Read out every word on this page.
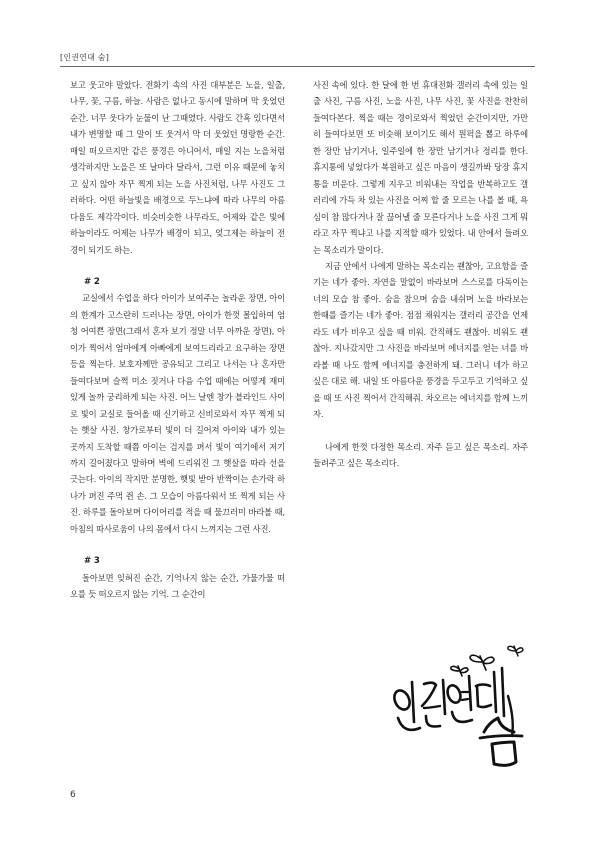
[인권연대 숨]

보고 웃고야 말았다. 전화기 속의 사진 대부분은 노을, 일출, 나무, 꽃, 구름, 하늘. 사람은 없나고 동시에 말하며 막 웃었던 순간. 너무 웃다가 눈물이 난 그때였다. 사람도 간혹 있다면서 내가 변명할 때 그 말이 또 웃겨서 막 더 웃었던 명랑한 순간. 매일 떠오르지만 같은 풍경은 아니어서, 매일 지는 노을처럼 생각하지만 노을은 또 날마다 달라서, 그런 이유 때문에 놓치고 싶지 않아 자꾸 찍게 되는 노을 사진처럼, 나무 사진도 그러하다. 어떤 하늘빛을 배경으로 두느냐에 따라 나무의 아름다움도 제각각이다. 비슷비슷한 나무라도, 어제와 같은 빛에 하늘이라도 어제는 나무가 배경이 되고, 엊그제는 하늘이 전경이 되기도 하는.

# 2

교실에서 수업을 하다 아이가 보여주는 놀라운 장면, 아이의 한계가 고스란히 드러나는 장면, 아이가 한껏 몰입하여 엄청 어여쁜 장면(그래서 혼자 보기 정말 너무 아까운 장면), 아이가 찍어서 엄마에게 아빠에게 보여드리라고 요구하는 장면 등을 찍는다. 보호자께만 공유되고 그리고 나서는 나 혼자만 들여다보며 슬쩍 미소 짓거나 다음 수업 때에는 어떻게 재미있게 놀까 궁리하게 되는 사진. 어느 날엔 창가 블라인드 사이로 빛이 교실로 들어올 때 신기하고 신비로와서 자꾸 찍게 되는 햇살 사진. 창가로부터 빛이 더 길어져 아이와 내가 있는 곳까지 도착할 때쯤 아이는 검지를 펴서 빛이 여기에서 저기까지 길어졌다고 말하며 벽에 드리워진 그 햇살을 따라 선을 긋는다. 아이의 작지만 분명한, 햇빛 받아 반짝이는 손가락 하나가 펴진 주먹 쥔 손. 그 모습이 아름다워서 또 찍게 되는 사진. 하루를 돌아보며 다이어리를 적을 때 물끄러미 바라볼 때, 아침의 따사로움이 나의 몸에서 다시 느껴지는 그런 사진.

# 3

돌아보면 잊혀진 순간, 기억나지 않는 순간, 가물가물 떠오를 듯 떠오르지 않는 기억. 그 순간이

사진 속에 있다. 한 달에 한 번 휴대전화 갤러리 속에 있는 일출 사진, 구름 사진, 노을 사진, 나무 사진, 꽃 사진을 찬찬히 들여다본다. 찍을 때는 경이로와서 찍었던 순간이지만, 가만히 들여다보면 또 비슷해 보이기도 해서 뭔퍽을 뽑고 하루에 한 장만 남기거나, 일주일에 한 장만 남기거나 정리를 한다. 휴지통에 넣었다가 복원하고 싶은 마음이 생길까봐 당장 휴지통을 비운다. 그렇게 지우고 비워내는 작업을 반복하고도 갤러리에 가득 차 있는 사진을 어찌 할 줄 모르는 나를 볼 때, 욕심이 참 많다거나 잘 끊어낼 줄 모른다거나 노을 사진 그게 뭐라고 자꾸 찍냐고 나를 지적할 때가 있었다. 내 안에서 들려오는 목소리가 말이다.

지금 안에서 나에게 말하는 목소리는 괜찮아, 고요함을 즐기는 네가 좋아. 자연을 말없이 바라보며 스스로를 다독이는 너의 모습 참 좋아. 숨을 참으며 숨을 내쉬며 노을 바라보는 한때를 즐기는 네가 좋아. 점점 채워지는 갤러리 공간을 언제라도 네가 비우고 싶을 때 비워. 간직해도 괜찮아. 비워도 괜찮아. 지나갔지만 그 사진을 바라보며 에너지를 얻는 너를 바라볼 때 나도 함께 에너지를 충전하게 돼. 그러니 네가 하고 싶은 대로 해. 내일 또 아름다운 풍경을 두고두고 기억하고 싶을 때 또 사진 찍어서 간직해줘. 차오르는 에너지를 함께 느끼자.

나에게 한껏 다정한 목소리. 자주 듣고 싶은 목소리. 자주 들려주고 싶은 목소리다.

6
